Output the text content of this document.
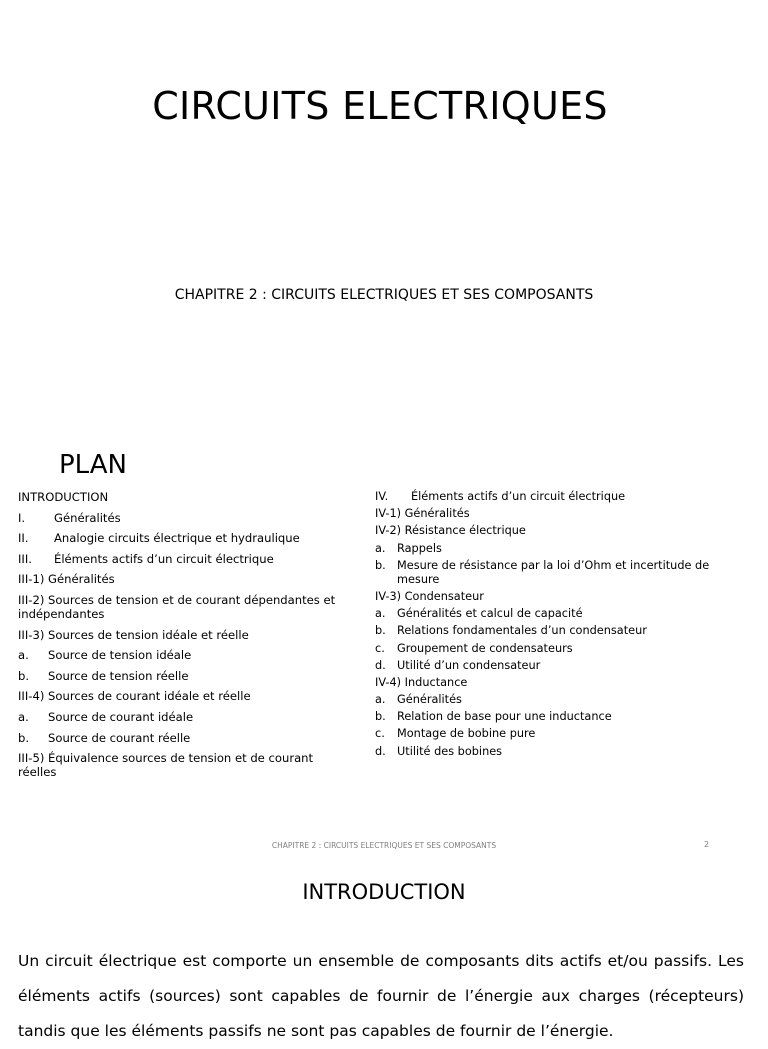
CIRCUITS ELECTRIQUES
CHAPITRE 2 : CIRCUITS ELECTRIQUES ET SES COMPOSANTS
PLAN
INTRODUCTION
I.	Généralités
II.	Analogie circuits électrique et hydraulique
III.	Éléments actifs d’un circuit électrique
III-1) Généralités
III-2) Sources de tension et de courant dépendantes et indépendantes
III-3) Sources de tension idéale et réelle
a.	Source de tension idéale
b.	Source de tension réelle
III-4) Sources de courant idéale et réelle
a.	Source de courant idéale
b.	Source de courant réelle
III-5) Équivalence sources de tension et de courant réelles
IV.	Éléments actifs d’un circuit électrique
IV-1) Généralités
IV-2) Résistance électrique
a.	Rappels
b. Mesure de résistance par la loi d’Ohm et incertitude de mesure
IV-3) Condensateur
a.	Généralités et calcul de capacité
b. Relations fondamentales d’un condensateur
c.	Groupement de condensateurs
d. Utilité d’un condensateur
IV-4) Inductance
a.	Généralités
b. Relation de base pour une inductance
c.	Montage de bobine pure
d. Utilité des bobines

CHAPITRE 2 : CIRCUITS ELECTRIQUES ET SES COMPOSANTS	2

INTRODUCTION

Un circuit électrique est comporte un ensemble de composants dits actifs et/ou passifs. Les éléments actifs (sources) sont capables de fournir de l’énergie aux charges (récepteurs) tandis que les éléments passifs ne sont pas capables de fournir de l’énergie.
